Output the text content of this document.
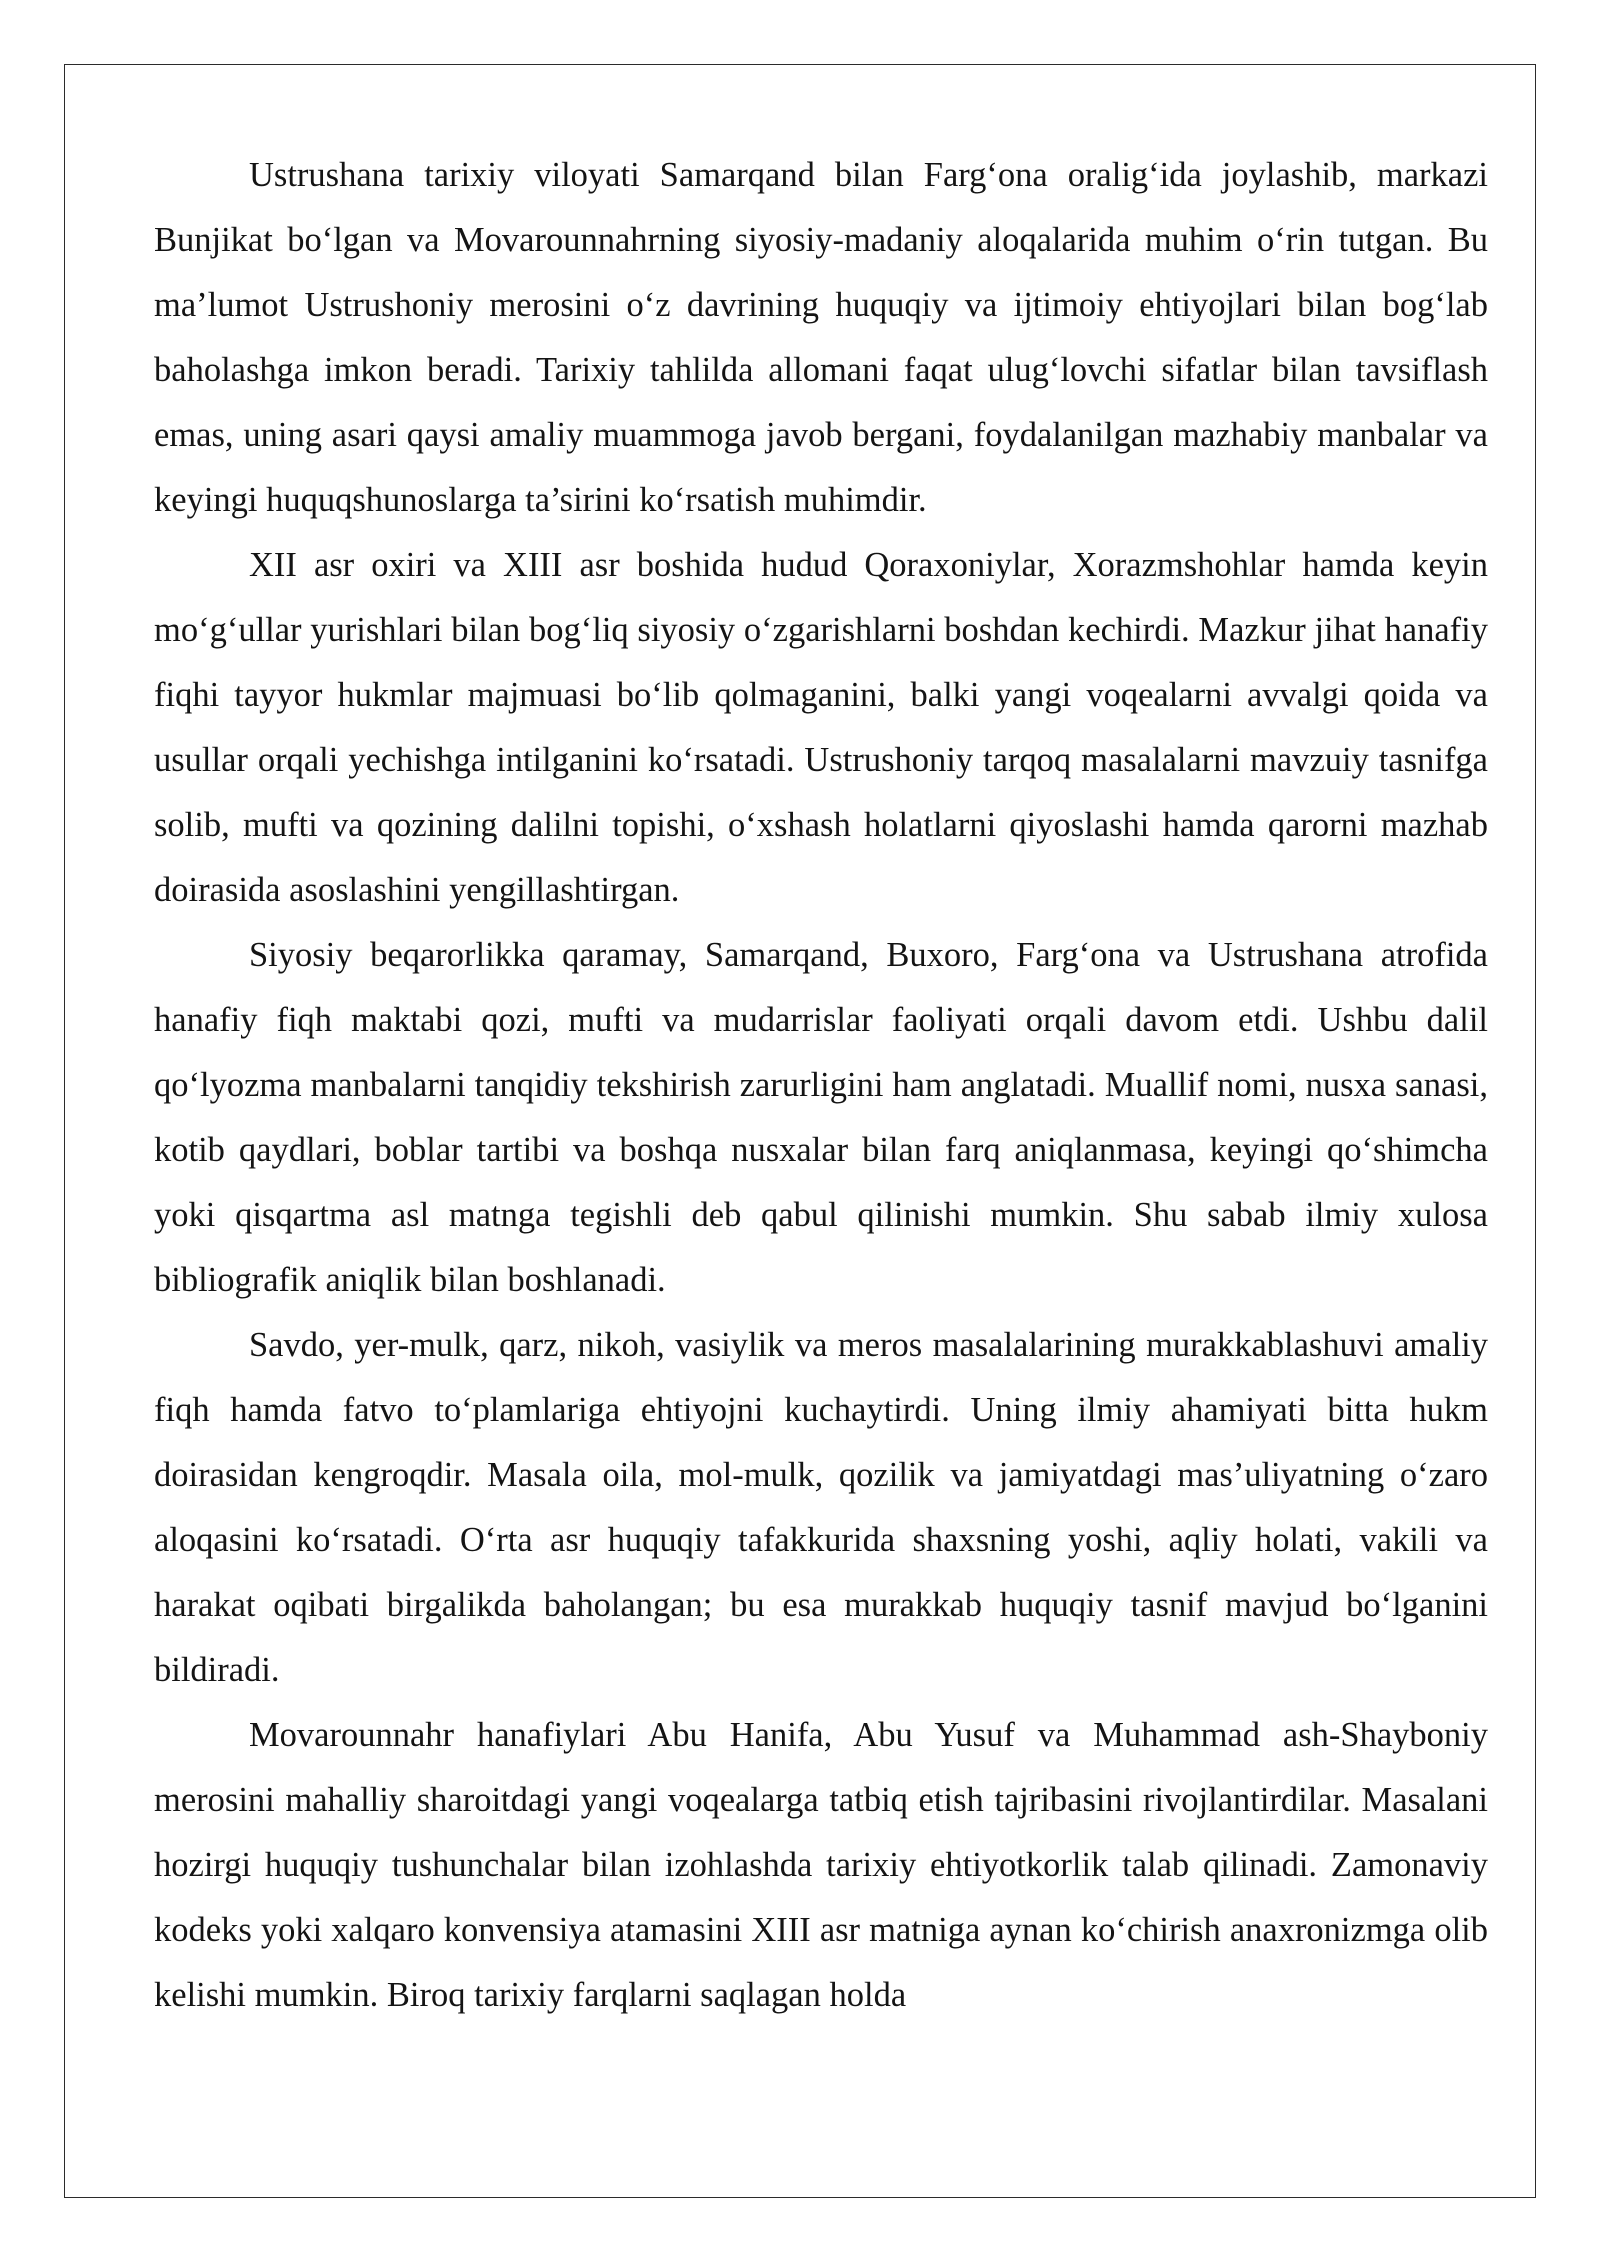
Ustrushana tarixiy viloyati Samarqand bilan Farg‘ona oralig‘ida joylashib, markazi Bunjikat bo‘lgan va Movarounnahrning siyosiy-madaniy aloqalarida muhim o‘rin tutgan. Bu ma’lumot Ustrushoniy merosini o‘z davrining huquqiy va ijtimoiy ehtiyojlari bilan bog‘lab baholashga imkon beradi. Tarixiy tahlilda allomani faqat ulug‘lovchi sifatlar bilan tavsiflash emas, uning asari qaysi amaliy muammoga javob bergani, foydalanilgan mazhabiy manbalar va keyingi huquqshunoslarga ta’sirini ko‘rsatish muhimdir.

XII asr oxiri va XIII asr boshida hudud Qoraxoniylar, Xorazmshohlar hamda keyin mo‘g‘ullar yurishlari bilan bog‘liq siyosiy o‘zgarishlarni boshdan kechirdi. Mazkur jihat hanafiy fiqhi tayyor hukmlar majmuasi bo‘lib qolmaganini, balki yangi voqealarni avvalgi qoida va usullar orqali yechishga intilganini ko‘rsatadi. Ustrushoniy tarqoq masalalarni mavzuiy tasnifga solib, mufti va qozining dalilni topishi, o‘xshash holatlarni qiyoslashi hamda qarorni mazhab doirasida asoslashini yengillashtirgan.

Siyosiy beqarorlikka qaramay, Samarqand, Buxoro, Farg‘ona va Ustrushana atrofida hanafiy fiqh maktabi qozi, mufti va mudarrislar faoliyati orqali davom etdi. Ushbu dalil qo‘lyozma manbalarni tanqidiy tekshirish zarurligini ham anglatadi. Muallif nomi, nusxa sanasi, kotib qaydlari, boblar tartibi va boshqa nusxalar bilan farq aniqlanmasa, keyingi qo‘shimcha yoki qisqartma asl matnga tegishli deb qabul qilinishi mumkin. Shu sabab ilmiy xulosa bibliografik aniqlik bilan boshlanadi.

Savdo, yer-mulk, qarz, nikoh, vasiylik va meros masalalarining murakkablashuvi amaliy fiqh hamda fatvo to‘plamlariga ehtiyojni kuchaytirdi. Uning ilmiy ahamiyati bitta hukm doirasidan kengroqdir. Masala oila, mol-mulk, qozilik va jamiyatdagi mas’uliyatning o‘zaro aloqasini ko‘rsatadi. O‘rta asr huquqiy tafakkurida shaxsning yoshi, aqliy holati, vakili va harakat oqibati birgalikda baholangan; bu esa murakkab huquqiy tasnif mavjud bo‘lganini bildiradi.

Movarounnahr hanafiylari Abu Hanifa, Abu Yusuf va Muhammad ash-Shayboniy merosini mahalliy sharoitdagi yangi voqealarga tatbiq etish tajribasini rivojlantirdilar. Masalani hozirgi huquqiy tushunchalar bilan izohlashda tarixiy ehtiyotkorlik talab qilinadi. Zamonaviy kodeks yoki xalqaro konvensiya atamasini XIII asr matniga aynan ko‘chirish anaxronizmga olib kelishi mumkin. Biroq tarixiy farqlarni saqlagan holda
